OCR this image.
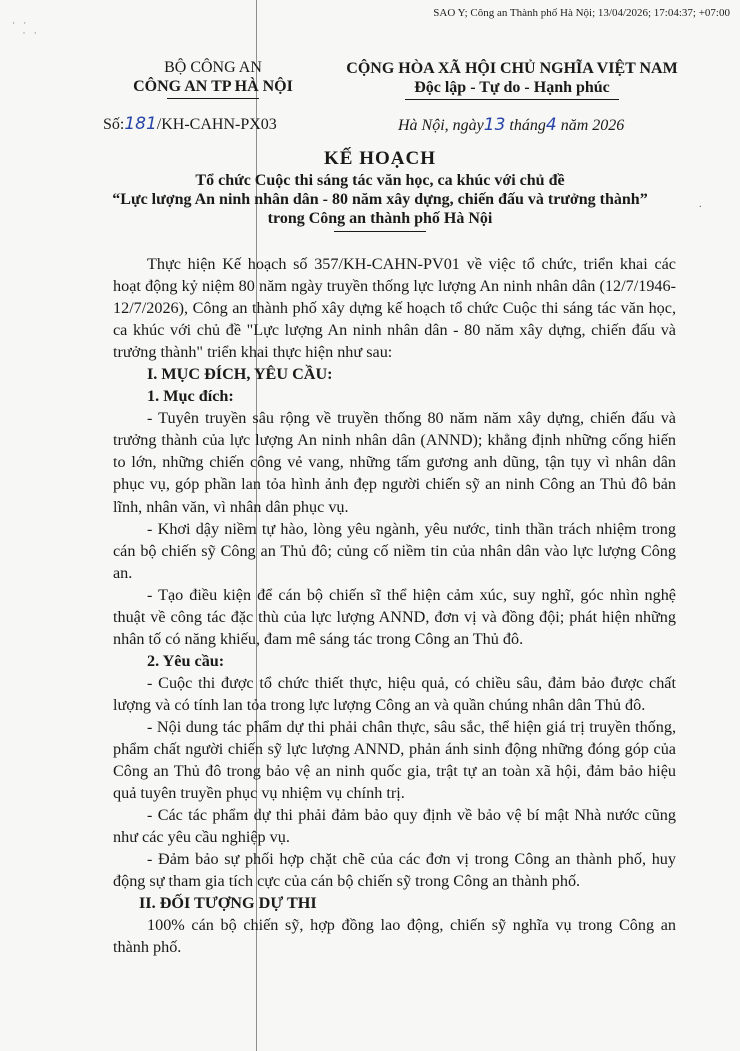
SAO Y; Công an Thành phố Hà Nội; 13/04/2026; 17:04:37; +07:00
· ·
· ·
BỘ CÔNG AN
CÔNG AN TP HÀ NỘI
CỘNG HÒA XÃ HỘI CHỦ NGHĨA VIỆT NAM
Độc lập - Tự do - Hạnh phúc
Số:181/KH-CAHN-PX03	Hà Nội, ngày13 tháng4 năm 2026
KẾ HOẠCH
Tổ chức Cuộc thi sáng tác văn học, ca khúc với chủ đề
“Lực lượng An ninh nhân dân - 80 năm xây dựng, chiến đấu và trưởng thành”
trong Công an thành phố Hà Nội
·

Thực hiện Kế hoạch số 357/KH-CAHN-PV01 về việc tổ chức, triển khai các hoạt động kỷ niệm 80 năm ngày truyền thống lực lượng An ninh nhân dân (12/7/1946-12/7/2026), Công an thành phố xây dựng kế hoạch tổ chức Cuộc thi sáng tác văn học, ca khúc với chủ đề "Lực lượng An ninh nhân dân - 80 năm xây dựng, chiến đấu và trưởng thành" triển khai thực hiện như sau:

I. MỤC ĐÍCH, YÊU CẦU:

1. Mục đích:

- Tuyên truyền sâu rộng về truyền thống 80 năm năm xây dựng, chiến đấu và trưởng thành của lực lượng An ninh nhân dân (ANND); khẳng định những cống hiến to lớn, những chiến công vẻ vang, những tấm gương anh dũng, tận tụy vì nhân dân phục vụ, góp phần lan tỏa hình ảnh đẹp người chiến sỹ an ninh Công an Thủ đô bản lĩnh, nhân văn, vì nhân dân phục vụ.

- Khơi dậy niềm tự hào, lòng yêu ngành, yêu nước, tinh thần trách nhiệm trong cán bộ chiến sỹ Công an Thủ đô; củng cố niềm tin của nhân dân vào lực lượng Công an.

- Tạo điều kiện để cán bộ chiến sĩ thể hiện cảm xúc, suy nghĩ, góc nhìn nghệ thuật về công tác đặc thù của lực lượng ANND, đơn vị và đồng đội; phát hiện những nhân tố có năng khiếu, đam mê sáng tác trong Công an Thủ đô.

2. Yêu cầu:

- Cuộc thi được tổ chức thiết thực, hiệu quả, có chiều sâu, đảm bảo được chất lượng và có tính lan tỏa trong lực lượng Công an và quần chúng nhân dân Thủ đô.

- Nội dung tác phẩm dự thi phải chân thực, sâu sắc, thể hiện giá trị truyền thống, phẩm chất người chiến sỹ lực lượng ANND, phản ánh sinh động những đóng góp của Công an Thủ đô trong bảo vệ an ninh quốc gia, trật tự an toàn xã hội, đảm bảo hiệu quả tuyên truyền phục vụ nhiệm vụ chính trị.

- Các tác phẩm dự thi phải đảm bảo quy định về bảo vệ bí mật Nhà nước cũng như các yêu cầu nghiệp vụ.

- Đảm bảo sự phối hợp chặt chẽ của các đơn vị trong Công an thành phố, huy động sự tham gia tích cực của cán bộ chiến sỹ trong Công an thành phố.

II. ĐỐI TƯỢNG DỰ THI

100% cán bộ chiến sỹ, hợp đồng lao động, chiến sỹ nghĩa vụ trong Công an thành phố.
